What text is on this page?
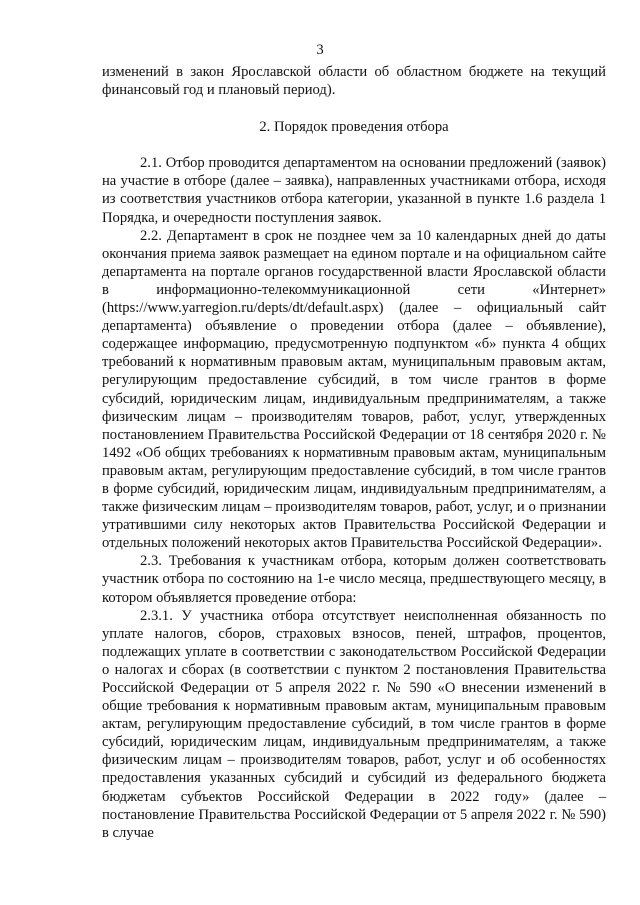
3

изменений в закон Ярославской области об областном бюджете на текущий финансовый год и плановый период).

2. Порядок проведения отбора

2.1. Отбор проводится департаментом на основании предложений (заявок) на участие в отборе (далее – заявка), направленных участниками отбора, исходя из соответствия участников отбора категории, указанной в пункте 1.6 раздела 1 Порядка, и очередности поступления заявок.

2.2. Департамент в срок не позднее чем за 10 календарных дней до даты окончания приема заявок размещает на едином портале и на официальном сайте департамента на портале органов государственной власти Ярославской области в информационно-телекоммуникационной сети «Интернет» (https://www.yarregion.ru/depts/dt/default.aspx) (далее – официальный сайт департамента) объявление о проведении отбора (далее – объявление), содержащее информацию, предусмотренную подпунктом «б» пункта 4 общих требований к нормативным правовым актам, муниципальным правовым актам, регулирующим предоставление субсидий, в том числе грантов в форме субсидий, юридическим лицам, индивидуальным предпринимателям, а также физическим лицам – производителям товаров, работ, услуг, утвержденных постановлением Правительства Российской Федерации от 18 сентября 2020 г. № 1492 «Об общих требованиях к нормативным правовым актам, муниципальным правовым актам, регулирующим предоставление субсидий, в том числе грантов в форме субсидий, юридическим лицам, индивидуальным предпринимателям, а также физическим лицам – производителям товаров, работ, услуг, и о признании утратившими силу некоторых актов Правительства Российской Федерации и отдельных положений некоторых актов Правительства Российской Федерации».

2.3. Требования к участникам отбора, которым должен соответствовать участник отбора по состоянию на 1-е число месяца, предшествующего месяцу, в котором объявляется проведение отбора:

2.3.1. У участника отбора отсутствует неисполненная обязанность по уплате налогов, сборов, страховых взносов, пеней, штрафов, процентов, подлежащих уплате в соответствии с законодательством Российской Федерации о налогах и сборах (в соответствии с пунктом 2 постановления Правительства Российской Федерации от 5 апреля 2022 г. № 590 «О внесении изменений в общие требования к нормативным правовым актам, муниципальным правовым актам, регулирующим предоставление субсидий, в том числе грантов в форме субсидий, юридическим лицам, индивидуальным предпринимателям, а также физическим лицам – производителям товаров, работ, услуг и об особенностях предоставления указанных субсидий и субсидий из федерального бюджета бюджетам субъектов Российской Федерации в 2022 году» (далее – постановление Правительства Российской Федерации от 5 апреля 2022 г. № 590) в случае
